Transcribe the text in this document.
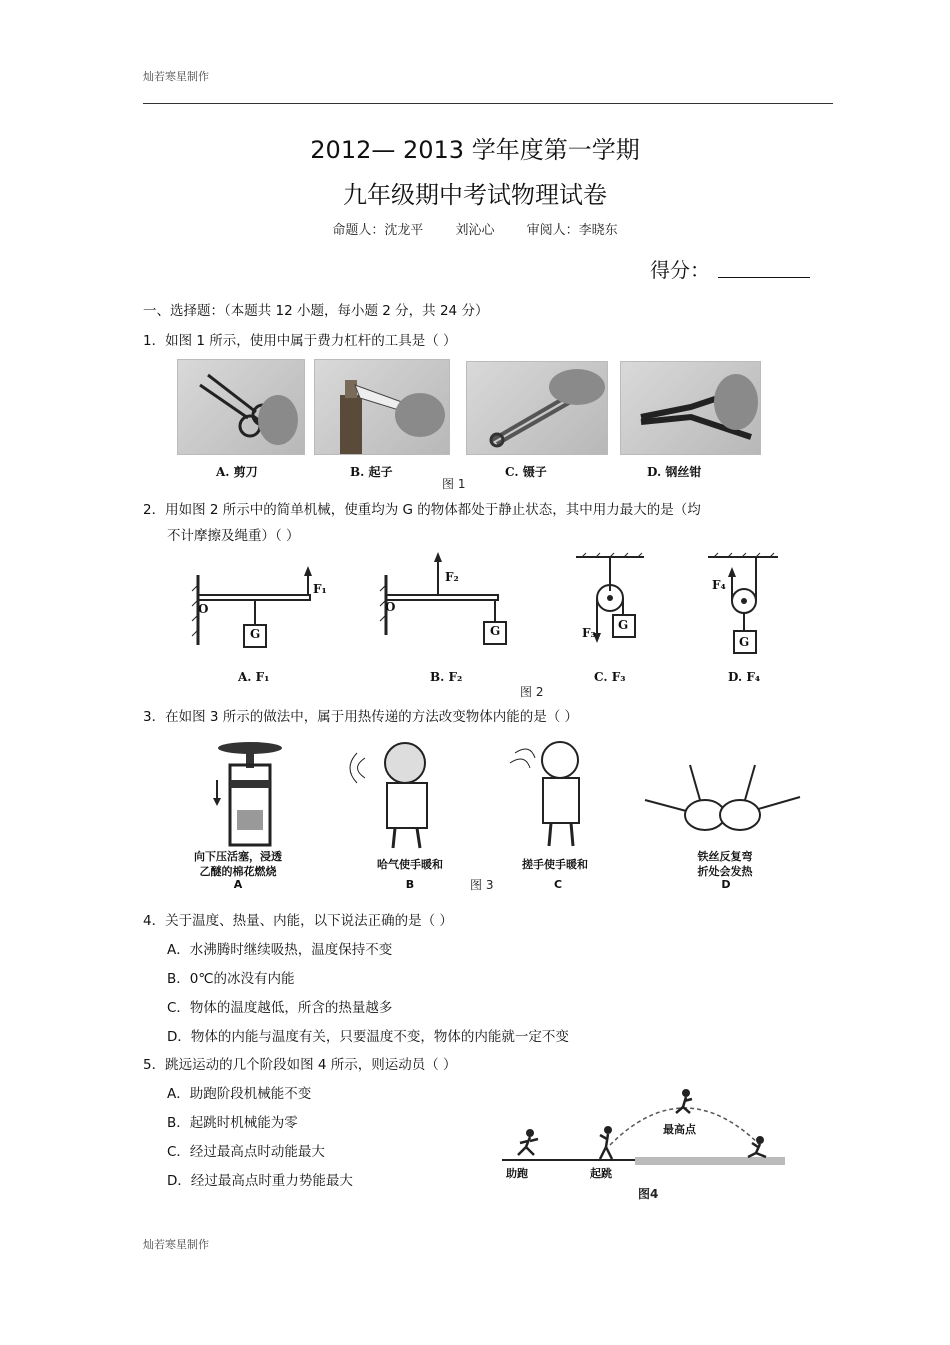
灿若寒星制作
2012— 2013 学年度第一学期
九年级期中考试物理试卷
命题人：沈龙平 刘沁心 审阅人：李晓东
得分：
一、选择题：（本题共 12 小题，每小题 2 分，共 24 分）
1．如图 1 所示，使用中属于费力杠杆的工具是（ ）
A. 剪刀	B. 起子
图 1
C. 镊子	D. 钢丝钳
2．用如图 2 所示中的简单机械，使重均为 G 的物体都处于静止状态，其中用力最大的是（均
不计摩擦及绳重）（ ）
O
G
F₁
O
F₂
G	F₃
G
F₄
G
A. F₁	B. F₂
图 2
C. F₃	D. F₄
3．在如图 3 所示的做法中，属于用热传递的方法改变物体内能的是（ ）
向下压活塞，浸透
乙醚的棉花燃烧
哈气使手暖和	搓手使手暖和
铁丝反复弯
折处会发热
A	B	图 3	C	D
4．关于温度、热量、内能，以下说法正确的是（ ）
A．水沸腾时继续吸热，温度保持不变
B．0℃的冰没有内能
C．物体的温度越低，所含的热量越多
D．物体的内能与温度有关，只要温度不变，物体的内能就一定不变
5．跳远运动的几个阶段如图 4 所示，则运动员（ ）
A．助跑阶段机械能不变
B．起跳时机械能为零
C．经过最高点时动能最大
D．经过最高点时重力势能最大
最高点
助跑	起跳
图4
灿若寒星制作
